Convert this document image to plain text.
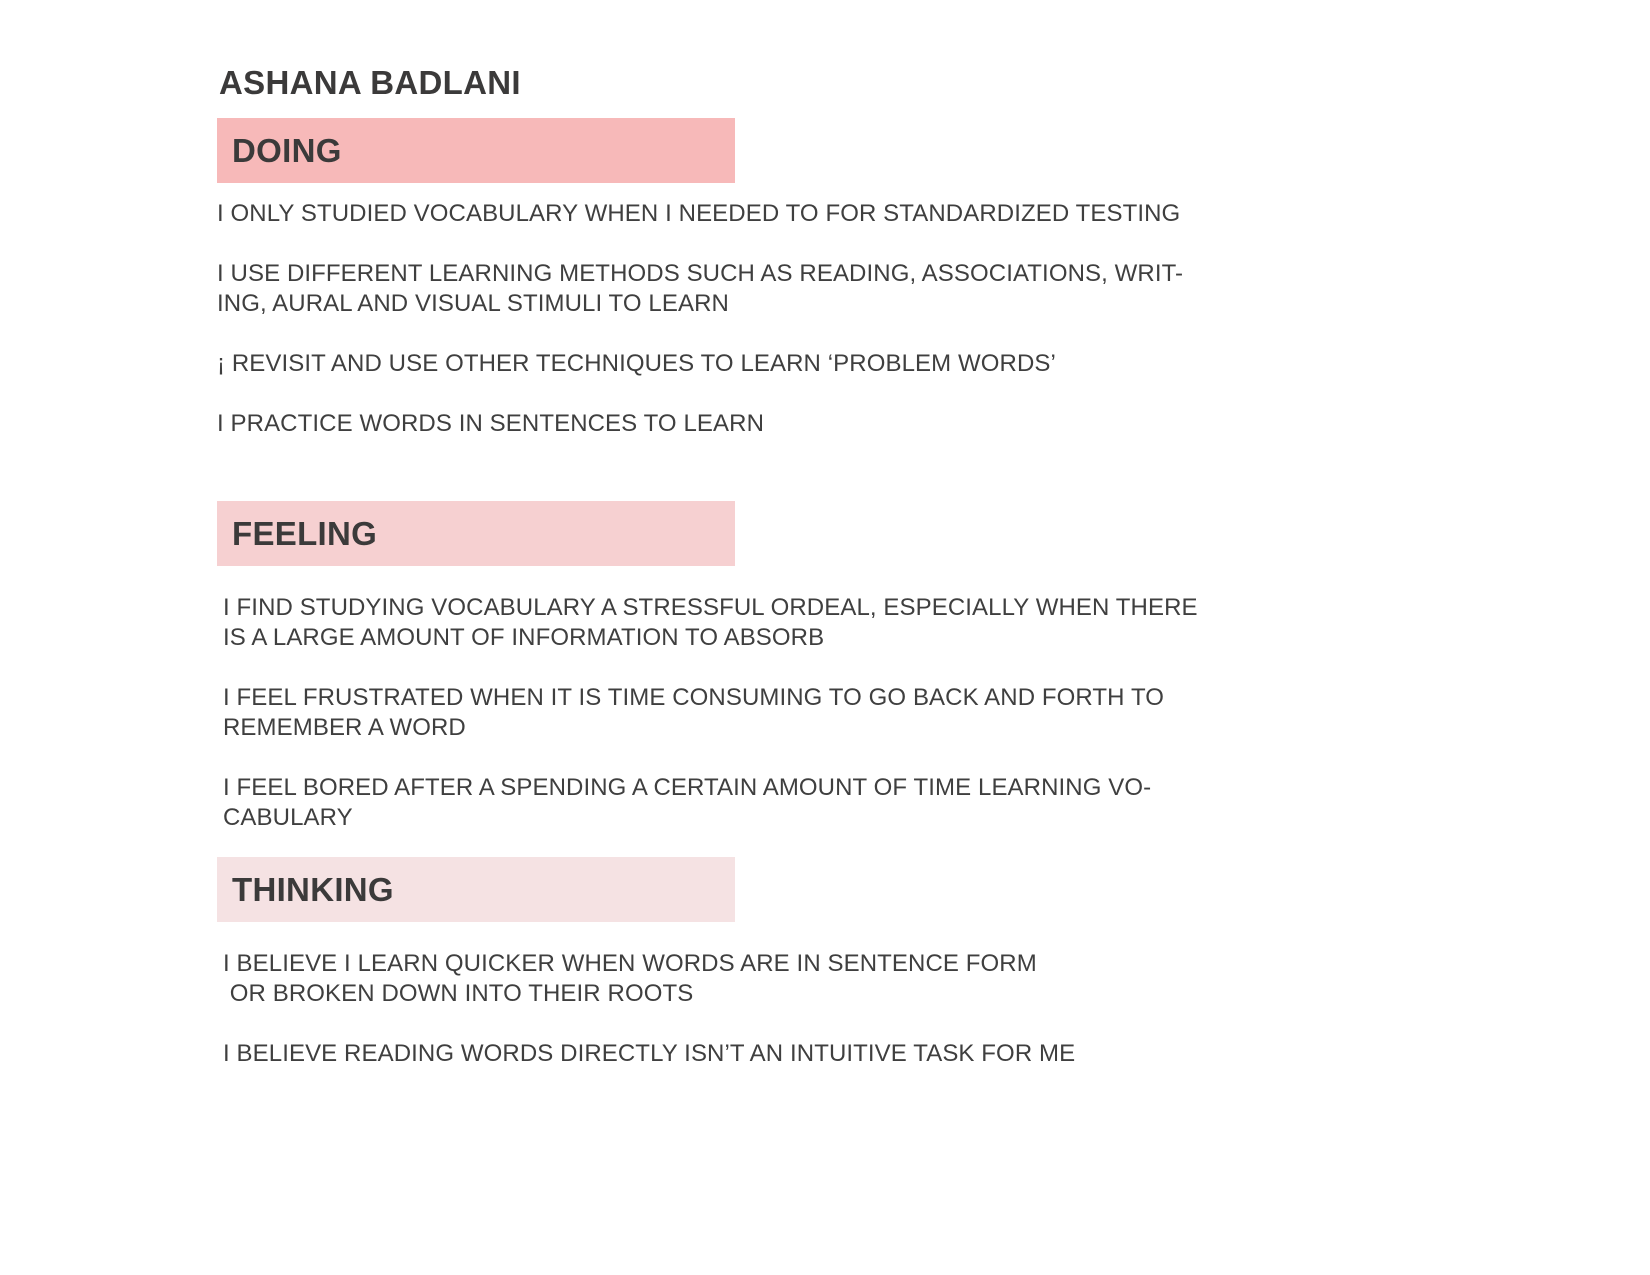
ASHANA BADLANI
DOING

I ONLY STUDIED VOCABULARY WHEN I NEEDED TO FOR STANDARDIZED TESTING

I USE DIFFERENT LEARNING METHODS SUCH AS READING, ASSOCIATIONS, WRIT-
ING, AURAL AND VISUAL STIMULI TO LEARN

¡ REVISIT AND USE OTHER TECHNIQUES TO LEARN ‘PROBLEM WORDS’

I PRACTICE WORDS IN SENTENCES TO LEARN

FEELING

I FIND STUDYING VOCABULARY A STRESSFUL ORDEAL, ESPECIALLY WHEN THERE
IS A LARGE AMOUNT OF INFORMATION TO ABSORB

I FEEL FRUSTRATED WHEN IT IS TIME CONSUMING TO GO BACK AND FORTH TO
REMEMBER A WORD

I FEEL BORED AFTER A SPENDING A CERTAIN AMOUNT OF TIME LEARNING VO-
CABULARY

THINKING

I BELIEVE I LEARN QUICKER WHEN WORDS ARE IN SENTENCE FORM
OR BROKEN DOWN INTO THEIR ROOTS

I BELIEVE READING WORDS DIRECTLY ISN’T AN INTUITIVE TASK FOR ME
